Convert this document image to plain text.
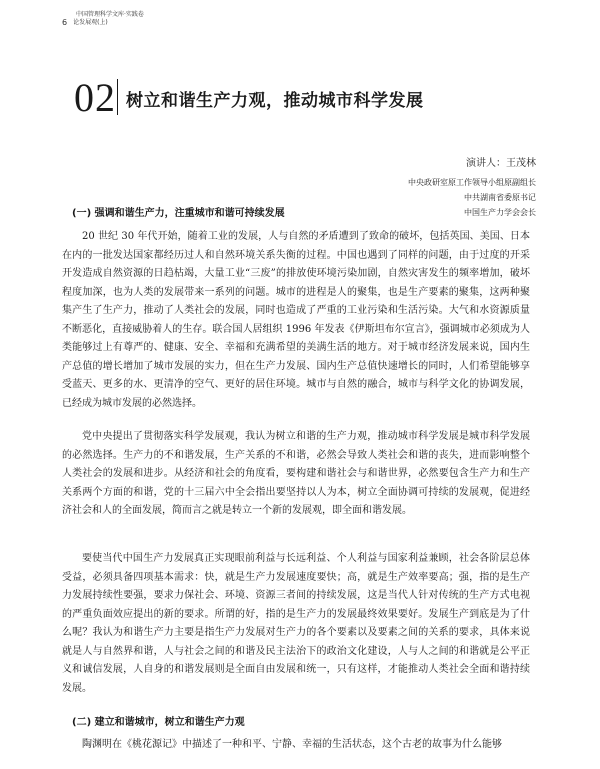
中国管理科学文库·实践卷
6 论发展观(上)
02 树立和谐生产力观，推动城市科学发展
演讲人：王茂林
中央政研室原工作领导小组原副组长
中共湖南省委原书记
中国生产力学会会长
(一) 强调和谐生产力，注重城市和谐可持续发展

20 世纪 30 年代开始，随着工业的发展，人与自然的矛盾遭到了致命的破坏，包括英国、美国、日本在内的一批发达国家都经历过人和自然环境关系失衡的过程。中国也遇到了同样的问题，由于过度的开采开发造成自然资源的日趋枯竭，大量工业“三废”的排放使环境污染加剧，自然灾害发生的频率增加，破坏程度加深，也为人类的发展带来一系列的问题。城市的进程是人的聚集，也是生产要素的聚集，这两种聚集产生了生产力，推动了人类社会的发展，同时也造成了严重的工业污染和生活污染。大气和水资源质量不断恶化，直接威胁着人的生存。联合国人居组织 1996 年发表《伊斯坦布尔宣言》，强调城市必须成为人类能够过上有尊严的、健康、安全、幸福和充满希望的美满生活的地方。对于城市经济发展来说，国内生产总值的增长增加了城市发展的实力，但在生产力发展、国内生产总值快速增长的同时，人们希望能够享受蓝天、更多的水、更清净的空气、更好的居住环境。城市与自然的融合，城市与科学文化的协调发展，已经成为城市发展的必然选择。

党中央提出了贯彻落实科学发展观，我认为树立和谐的生产力观，推动城市科学发展是城市科学发展的必然选择。生产力的不和谐发展，生产关系的不和谐，必然会导致人类社会和谐的丧失，进而影响整个人类社会的发展和进步。从经济和社会的角度看，要构建和谐社会与和谐世界，必然要包含生产力和生产关系两个方面的和谐，党的十三届六中全会指出要坚持以人为本，树立全面协调可持续的发展观，促进经济社会和人的全面发展，简而言之就是转立一个新的发展观，即全面和谐发展。

要使当代中国生产力发展真正实现眼前利益与长远利益、个人利益与国家利益兼顾，社会各阶层总体受益，必须具备四项基本需求：快，就是生产力发展速度要快；高，就是生产效率要高；强，指的是生产力发展持续性要强，要求力保社会、环境、资源三者间的持续发展，这是当代人针对传统的生产方式电视的严重负面效应提出的新的要求。所谓的好，指的是生产力的发展最终效果要好。发展生产到底是为了什么呢？我认为和谐生产力主要是指生产力发展对生产力的各个要素以及要素之间的关系的要求，具体来说就是人与自然界和谐，人与社会之间的和谐及民主法治下的政治文化建设，人与人之间的和谐就是公平正义和诚信发展，人自身的和谐发展则是全面自由发展和统一，只有这样，才能推动人类社会全面和谐持续发展。

(二) 建立和谐城市，树立和谐生产力观

陶渊明在《桃花源记》中描述了一种和平、宁静、幸福的生活状态，这个古老的故事为什么能够
